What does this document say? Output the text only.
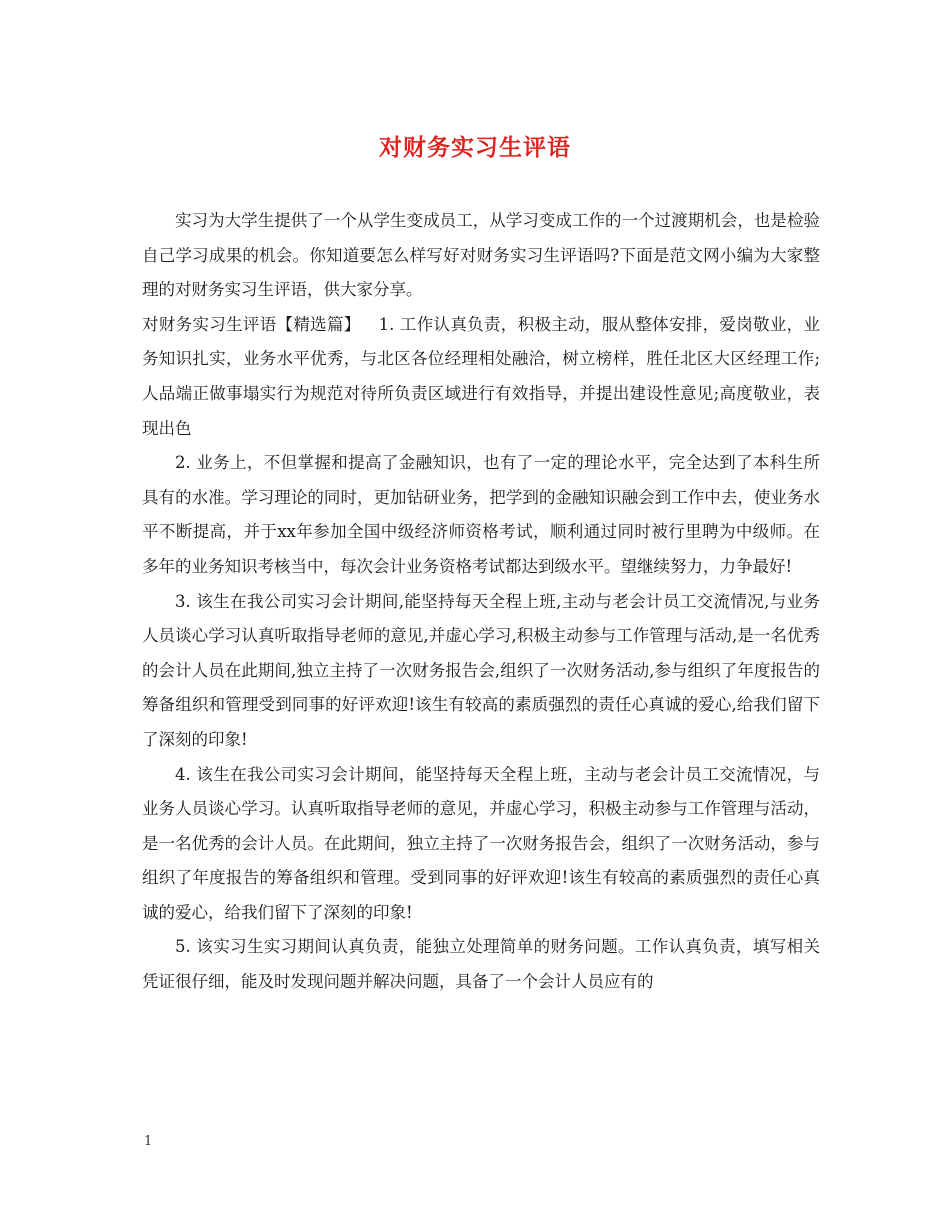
对财务实习生评语

实习为大学生提供了一个从学生变成员工，从学习变成工作的一个过渡期机会，也是检验自己学习成果的机会。你知道要怎么样写好对财务实习生评语吗?下面是范文网小编为大家整理的对财务实习生评语，供大家分享。

对财务实习生评语【精选篇】 1. 工作认真负责，积极主动，服从整体安排，爱岗敬业，业务知识扎实，业务水平优秀，与北区各位经理相处融洽，树立榜样，胜任北区大区经理工作;人品端正做事塌实行为规范对待所负责区域进行有效指导，并提出建设性意见;高度敬业，表现出色

2. 业务上，不但掌握和提高了金融知识，也有了一定的理论水平，完全达到了本科生所具有的水准。学习理论的同时，更加钻研业务，把学到的金融知识融会到工作中去，使业务水平不断提高，并于xx年参加全国中级经济师资格考试，顺利通过同时被行里聘为中级师。在多年的业务知识考核当中，每次会计业务资格考试都达到级水平。望继续努力，力争最好!

3. 该生在我公司实习会计期间,能坚持每天全程上班,主动与老会计员工交流情况,与业务人员谈心学习认真听取指导老师的意见,并虚心学习,积极主动参与工作管理与活动,是一名优秀的会计人员在此期间,独立主持了一次财务报告会,组织了一次财务活动,参与组织了年度报告的筹备组织和管理受到同事的好评欢迎!该生有较高的素质强烈的责任心真诚的爱心,给我们留下了深刻的印象!

4. 该生在我公司实习会计期间，能坚持每天全程上班，主动与老会计员工交流情况，与业务人员谈心学习。认真听取指导老师的意见，并虚心学习，积极主动参与工作管理与活动，是一名优秀的会计人员。在此期间，独立主持了一次财务报告会，组织了一次财务活动，参与组织了年度报告的筹备组织和管理。受到同事的好评欢迎!该生有较高的素质强烈的责任心真诚的爱心，给我们留下了深刻的印象!

5. 该实习生实习期间认真负责，能独立处理简单的财务问题。工作认真负责，填写相关凭证很仔细，能及时发现问题并解决问题，具备了一个会计人员应有的

1
